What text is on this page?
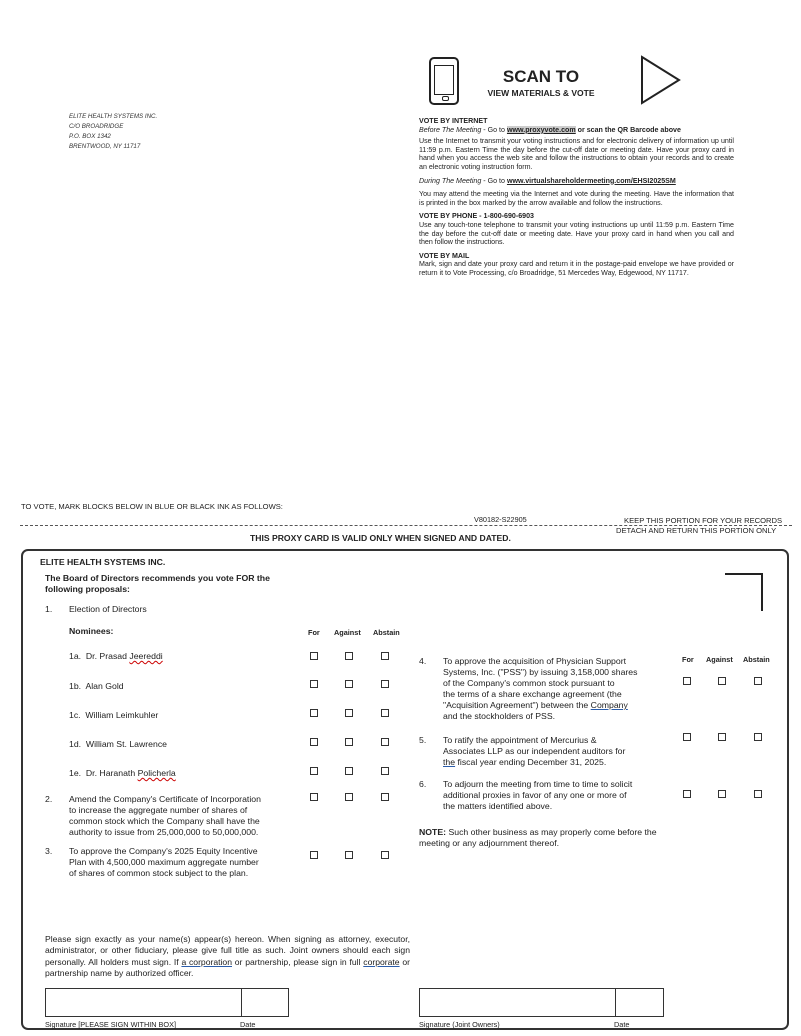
ELITE HEALTH SYSTEMS INC.
C/O BROADRIDGE
P.O. BOX 1342
BRENTWOOD, NY 11717
SCAN TO
VIEW MATERIALS & VOTE
VOTE BY INTERNET
Before The Meeting - Go to www.proxyvote.com or scan the QR Barcode above

Use the Internet to transmit your voting instructions and for electronic delivery of information up until 11:59 p.m. Eastern Time the day before the cut-off date or meeting date. Have your proxy card in hand when you access the web site and follow the instructions to obtain your records and to create an electronic voting instruction form.

During The Meeting - Go to www.virtualshareholdermeeting.com/EHSI2025SM

You may attend the meeting via the Internet and vote during the meeting. Have the information that is printed in the box marked by the arrow available and follow the instructions.

VOTE BY PHONE - 1-800-690-6903

Use any touch-tone telephone to transmit your voting instructions up until 11:59 p.m. Eastern Time the day before the cut-off date or meeting date. Have your proxy card in hand when you call and then follow the instructions.

VOTE BY MAIL

Mark, sign and date your proxy card and return it in the postage-paid envelope we have provided or return it to Vote Processing, c/o Broadridge, 51 Mercedes Way, Edgewood, NY 11717.

TO VOTE, MARK BLOCKS BELOW IN BLUE OR BLACK INK AS FOLLOWS:
V80182-S22905	KEEP THIS PORTION FOR YOUR RECORDS
DETACH AND RETURN THIS PORTION ONLY
THIS PROXY CARD IS VALID ONLY WHEN SIGNED AND DATED.
ELITE HEALTH SYSTEMS INC.
The Board of Directors recommends you vote FOR the following proposals:
1. Election of Directors
Nominees:	For Against Abstain
1a. Dr. Prasad Jeereddi
1b. Alan Gold
1c. William Leimkuhler
1d. William St. Lawrence
1e. Dr. Haranath Policherla
2. Amend the Company's Certificate of Incorporation
to increase the aggregate number of shares of
common stock which the Company shall have the
authority to issue from 25,000,000 to 50,000,000.
3. To approve the Company's 2025 Equity Incentive
Plan with 4,500,000 maximum aggregate number
of shares of common stock subject to the plan.
For Against Abstain
4. To approve the acquisition of Physician Support
Systems, Inc. ("PSS") by issuing 3,158,000 shares
of the Company's common stock pursuant to
the terms of a share exchange agreement (the
"Acquisition Agreement") between the Company
and the stockholders of PSS.
5. To ratify the appointment of Mercurius &
Associates LLP as our independent auditors for
the fiscal year ending December 31, 2025.
6. To adjourn the meeting from time to time to solicit
additional proxies in favor of any one or more of
the matters identified above.
NOTE: Such other business as may properly come before the meeting or any adjournment thereof.
Please sign exactly as your name(s) appear(s) hereon. When signing as attorney, executor, administrator, or other fiduciary, please give full title as such. Joint owners should each sign personally. All holders must sign. If a corporation or partnership, please sign in full corporate or partnership name by authorized officer.
Signature [PLEASE SIGN WITHIN BOX]	Date	Signature (Joint Owners)	Date
